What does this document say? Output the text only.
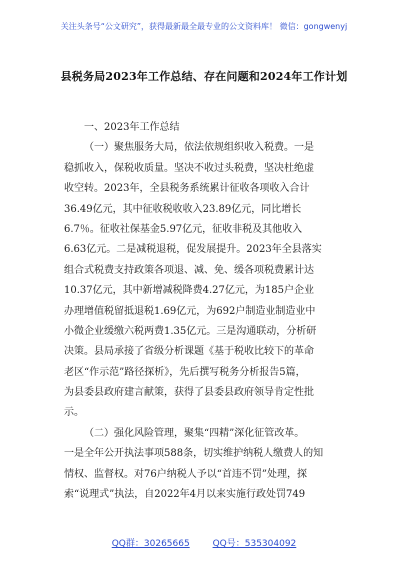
关注头条号“公文研究”，获得最新最全最专业的公文资料库！ 微信：gongwenyj
县税务局2023年工作总结、存在问题和2024年工作计划
一、2023年工作总结
（一）聚焦服务大局，依法依规组织收入税费。一是
稳抓收入，保税收质量。坚决不收过头税费，坚决杜绝虚
收空转。2023年，全县税务系统累计征收各项收入合计
36.49亿元，其中征收税收收入23.89亿元，同比增长
6.7％。征收社保基金5.97亿元，征收非税及其他收入
6.63亿元。二是减税退税，促发展提升。2023年全县落实
组合式税费支持政策各项退、减、免、缓各项税费累计达
10.37亿元，其中新增减税降费4.27亿元，为185户企业
办理增值税留抵退税1.69亿元，为692户制造业制造业中
小微企业缓缴六税两费1.35亿元。三是沟通联动，分析研
决策。县局承接了省级分析课题《基于税收比较下的革命
老区“作示范”路径探析》，先后撰写税务分析报告5篇，
为县委县政府建言献策，获得了县委县政府领导肯定性批
示。
（二）强化风险管理，聚集“四精”深化征管改革。
一是全年公开执法事项588条，切实维护纳税人缴费人的知
情权、监督权。对76户纳税人予以“首违不罚”处理，探
索“说理式”执法，自2022年4月以来实施行政处罚749
QQ群：30265665	QQ号：535304092
